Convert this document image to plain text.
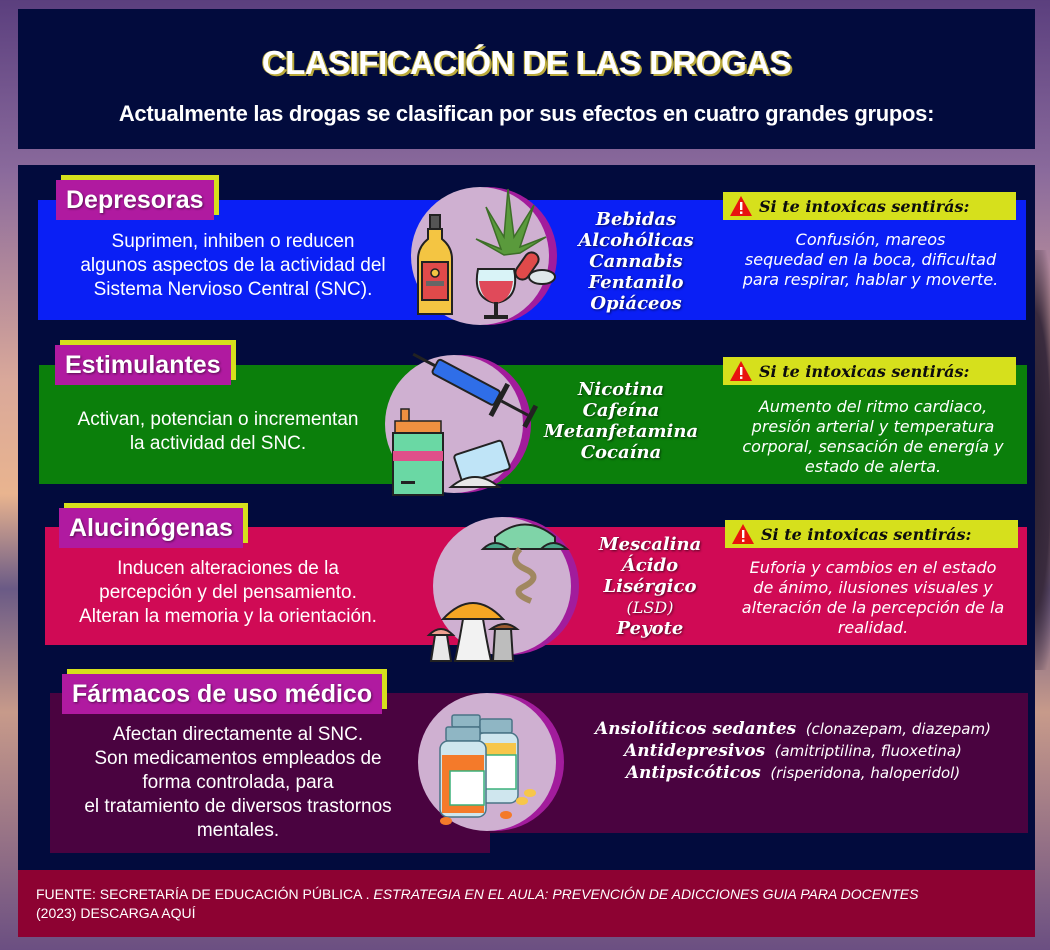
CLASIFICACIÓN DE LAS DROGAS
Actualmente las drogas se clasifican por sus efectos en cuatro grandes grupos:
Depresoras
Suprimen, inhiben o reducen
algunos aspectos de la actividad del
Sistema Nervioso Central (SNC).
Bebidas
Alcohólicas
Cannabis
Fentanilo
Opiáceos
Si te intoxicas sentirás:
Confusión, mareos
sequedad en la boca, dificultad
para respirar, hablar y moverte.
Estimulantes
Activan, potencian o incrementan
la actividad del SNC.
Nicotina
Cafeína
Metanfetamina
Cocaína
Si te intoxicas sentirás:
Aumento del ritmo cardiaco,
presión arterial y temperatura
corporal, sensación de energía y
estado de alerta.
Alucinógenas
Inducen alteraciones de la
percepción y del pensamiento.
Alteran la memoria y la orientación.
Mescalina
Ácido
Lisérgico
(LSD)
Peyote
Si te intoxicas sentirás:
Euforia y cambios en el estado
de ánimo, ilusiones visuales y
alteración de la percepción de la
realidad.
Fármacos de uso médico
Afectan directamente al SNC.
Son medicamentos empleados de
forma controlada, para
el tratamiento de diversos trastornos
mentales.
Ansiolíticos sedantes (clonazepam, diazepam)
Antidepresivos (amitriptilina, fluoxetina)
Antipsicóticos (risperidona, haloperidol)
FUENTE: SECRETARÍA DE EDUCACIÓN PÚBLICA . ESTRATEGIA EN EL AULA: PREVENCIÓN DE ADICCIONES GUIA PARA DOCENTES
(2023) DESCARGA AQUÍ
